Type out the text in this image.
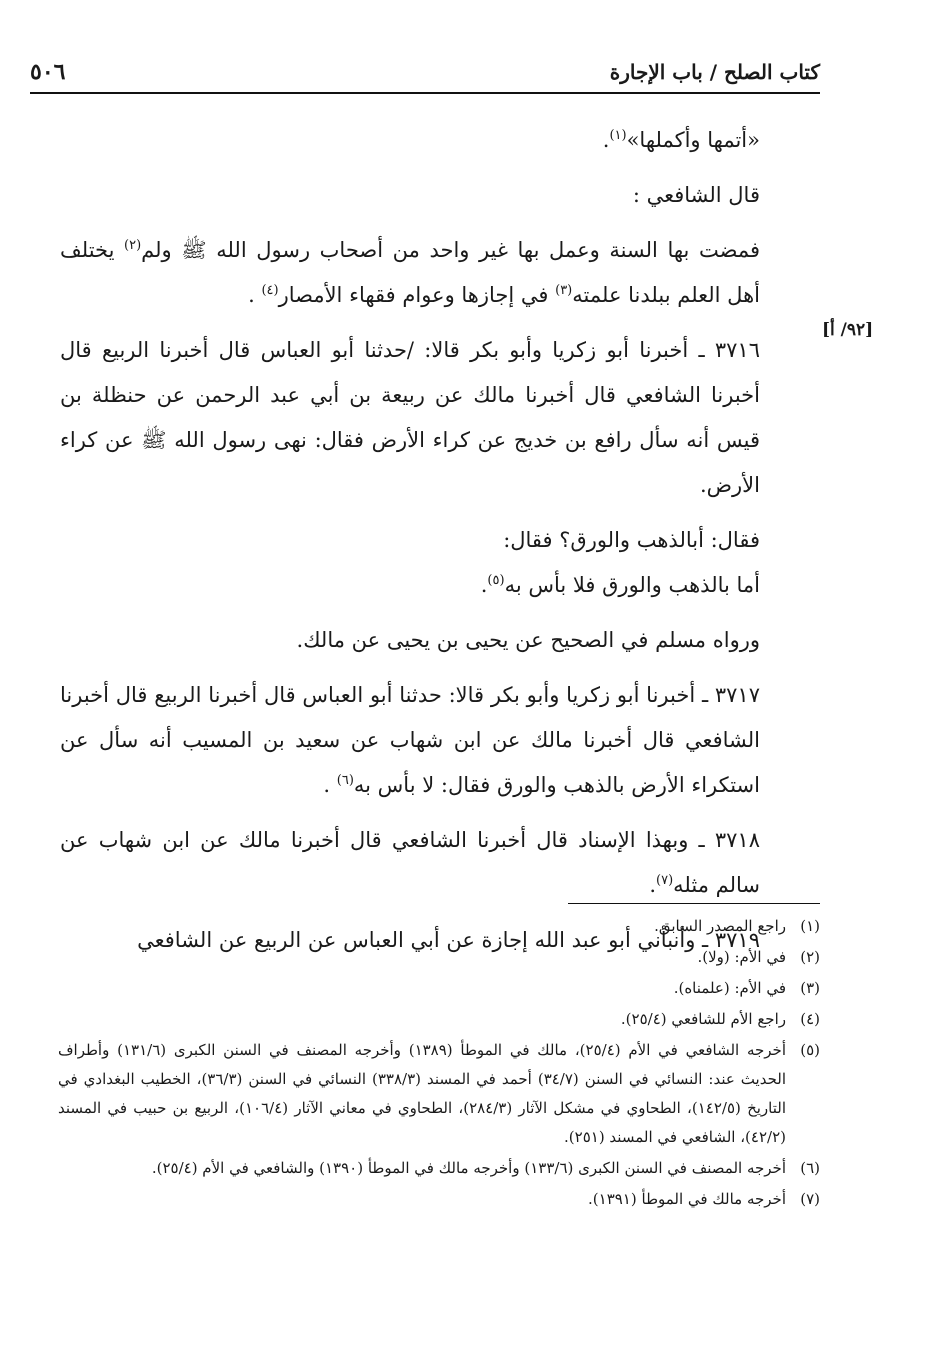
كتاب الصلح / باب الإجارة
٥٠٦
[٩٢/ أ]

«أتمها وأكملها»$^{(١)}$.

قال الشافعي :

فمضت بها السنة وعمل بها غير واحد من أصحاب رسول الله ﷺ ولم$^{(٢)}$ يختلف أهل العلم ببلدنا علمته$^{(٣)}$ في إجازها وعوام فقهاء الأمصار$^{(٤)}$ .

٣٧١٦ ـ أخبرنا أبو زكريا وأبو بكر قالا: /حدثنا أبو العباس قال أخبرنا الربيع قال أخبرنا الشافعي قال أخبرنا مالك عن ربيعة بن أبي عبد الرحمن عن حنظلة بن قيس أنه سأل رافع بن خديج عن كراء الأرض فقال: نهى رسول الله ﷺ عن كراء الأرض.

فقال: أبالذهب والورق؟ فقال:

أما بالذهب والورق فلا بأس به$^{(٥)}$.

ورواه مسلم في الصحيح عن يحيى بن يحيى عن مالك.

٣٧١٧ ـ أخبرنا أبو زكريا وأبو بكر قالا: حدثنا أبو العباس قال أخبرنا الربيع قال أخبرنا الشافعي قال أخبرنا مالك عن ابن شهاب عن سعيد بن المسيب أنه سأل عن استكراء الأرض بالذهب والورق فقال: لا بأس به$^{(٦)}$ .

٣٧١٨ ـ وبهذا الإسناد قال أخبرنا الشافعي قال أخبرنا مالك عن ابن شهاب عن سالم مثله$^{(٧)}$.

٣٧١٩ ـ وأنبأني أبو عبد الله إجازة عن أبي العباس عن الربيع عن الشافعي

(١)راجع المصدر السابق.

(٢)في الأم: (ولا).

(٣)في الأم: (علمناه).

(٤)راجع الأم للشافعي (٢٥/٤).

(٥)أخرجه الشافعي في الأم (٢٥/٤)، مالك في الموطأ (١٣٨٩) وأخرجه المصنف في السنن الكبرى (١٣١/٦) وأطراف الحديث عند: النسائي في السنن (٣٤/٧) أحمد في المسند (٣٣٨/٣) النسائي في السنن (٣٦/٣)، الخطيب البغدادي في التاريخ (١٤٢/٥)، الطحاوي في مشكل الآثار (٢٨٤/٣)، الطحاوي في معاني الآثار (١٠٦/٤)، الربيع بن حبيب في المسند (٤٢/٢)، الشافعي في المسند (٢٥١).

(٦)أخرجه المصنف في السنن الكبرى (١٣٣/٦) وأخرجه مالك في الموطأ (١٣٩٠) والشافعي في الأم (٢٥/٤).

(٧)أخرجه مالك في الموطأ (١٣٩١).
